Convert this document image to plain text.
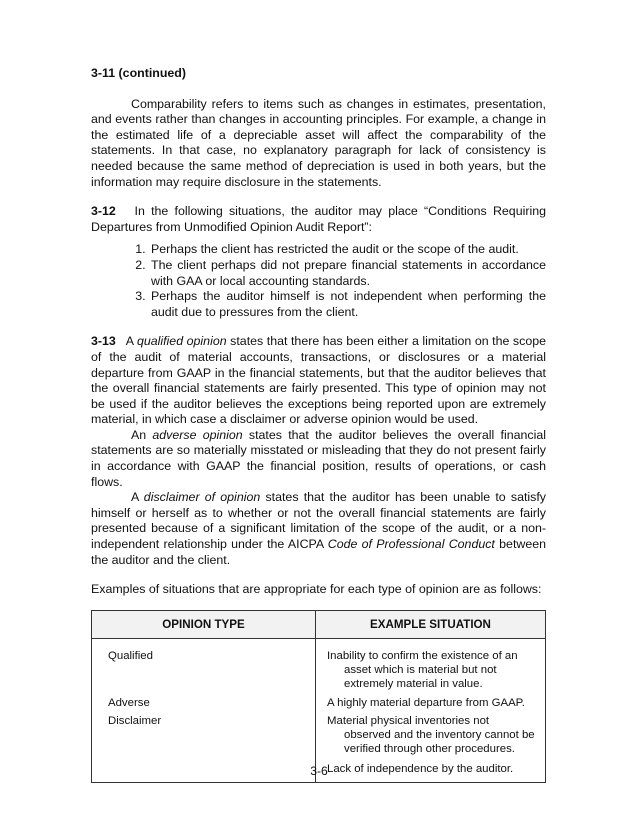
3-11 (continued)

Comparability refers to items such as changes in estimates, presentation, and events rather than changes in accounting principles. For example, a change in the estimated life of a depreciable asset will affect the comparability of the statements. In that case, no explanatory paragraph for lack of consistency is needed because the same method of depreciation is used in both years, but the information may require disclosure in the statements.

3-12 In the following situations, the auditor may place “Conditions Requiring Departures from Unmodified Opinion Audit Report”:

1. Perhaps the client has restricted the audit or the scope of the audit.
2. The client perhaps did not prepare financial statements in accordance with GAA or local accounting standards.
3. Perhaps the auditor himself is not independent when performing the audit due to pressures from the client.

3-13 A qualified opinion states that there has been either a limitation on the scope of the audit of material accounts, transactions, or disclosures or a material departure from GAAP in the financial statements, but that the auditor believes that the overall financial statements are fairly presented. This type of opinion may not be used if the auditor believes the exceptions being reported upon are extremely material, in which case a disclaimer or adverse opinion would be used.

An adverse opinion states that the auditor believes the overall financial statements are so materially misstated or misleading that they do not present fairly in accordance with GAAP the financial position, results of operations, or cash flows.

A disclaimer of opinion states that the auditor has been unable to satisfy himself or herself as to whether or not the overall financial statements are fairly presented because of a significant limitation of the scope of the audit, or a non-independent relationship under the AICPA Code of Professional Conduct between the auditor and the client.

Examples of situations that are appropriate for each type of opinion are as follows:

OPINION TYPE	EXAMPLE SITUATION
Qualified	Inability to confirm the existence of an asset which is material but not extremely material in value.

Adverse	A highly material departure from GAAP.

Disclaimer	Material physical inventories not observed and the inventory cannot be verified through other procedures.

	Lack of independence by the auditor.
3-6
